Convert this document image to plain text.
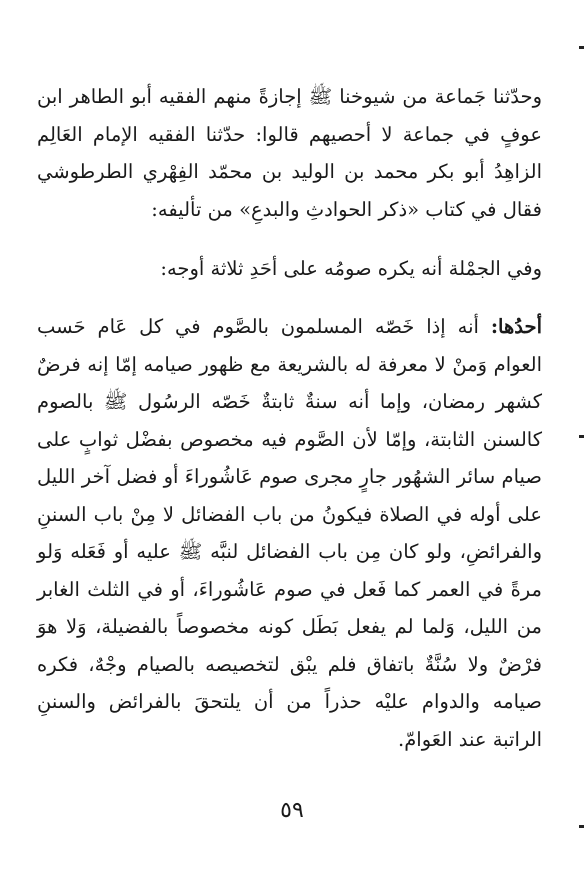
وحدّثنا جَماعة من شيوخنا ﷺ إجازةً منهم الفقيه أبو الطاهر ابن عوفٍ في جماعة لا أحصيهم قالوا: حدّثنا الفقيه الإمام العَالِم الزاهِدُ أبو بكر محمد بن الوليد بن محمّد الفِهْري الطرطوشي فقال في كتاب «ذكر الحوادثِ والبدعِ» من تأليفه:

وفي الجمْلة أنه يكره صومُه على أحَدِ ثلاثة أوجه:

أحدُها: أنه إذا خَصّه المسلمون بالصَّوم في كل عَام حَسب العوام وَمنْ لا معرفة له بالشريعة مع ظهور صيامه إمّا إنه فرضٌ كشهر رمضان، وإما أنه سنةٌ ثابتةٌ خَصّه الرسُول ﷺ بالصوم كالسنن الثابتة، وإمّا لأن الصَّوم فيه مخصوص بفضْل ثوابٍ على صيام سائر الشهُور جارٍ مجرى صوم عَاشُوراءَ أو فضل آخر الليل على أوله في الصلاة فيكونُ من باب الفضائل لا مِنْ باب السننِ والفرائضِ، ولو كان مِن باب الفضائل لنبَّه ﷺ عليه أو فَعَله وَلو مرةً في العمر كما فَعل في صوم عَاشُوراءَ، أو في الثلث الغابر من الليل، وَلما لم يفعل بَطَل كونه مخصوصاً بالفضيلة، وَلا هوَ فرْضٌ ولا سُنَّةٌ باتفاق فلم يبْق لتخصيصه بالصيام وجْهٌ، فكره صيامه والدوام عليْه حذراً من أن يلتحقَ بالفرائض والسننِ الراتبة عند العَوامّ.

٥٩
